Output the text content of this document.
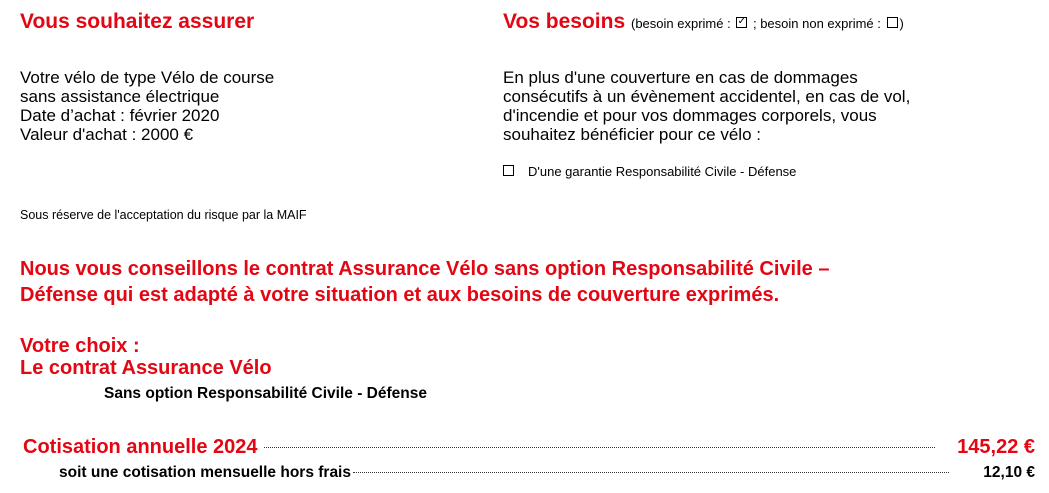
Vous souhaitez assurer
Votre vélo de type Vélo de course
sans assistance électrique
Date d’achat : février 2020
Valeur d'achat : 2000 €
Vos besoins (besoin exprimé : ✓ ; besoin non exprimé : )
En plus d'une couverture en cas de dommages
consécutifs à un évènement accidentel, en cas de vol,
d'incendie et pour vos dommages corporels, vous
souhaitez bénéficier pour ce vélo :
D'une garantie Responsabilité Civile - Défense
Sous réserve de l'acceptation du risque par la MAIF
Nous vous conseillons le contrat Assurance Vélo sans option Responsabilité Civile –
Défense qui est adapté à votre situation et aux besoins de couverture exprimés.
Votre choix :
Le contrat Assurance Vélo
Sans option Responsabilité Civile - Défense
Cotisation annuelle 2024	145,22 €
soit une cotisation mensuelle hors frais	12,10 €
